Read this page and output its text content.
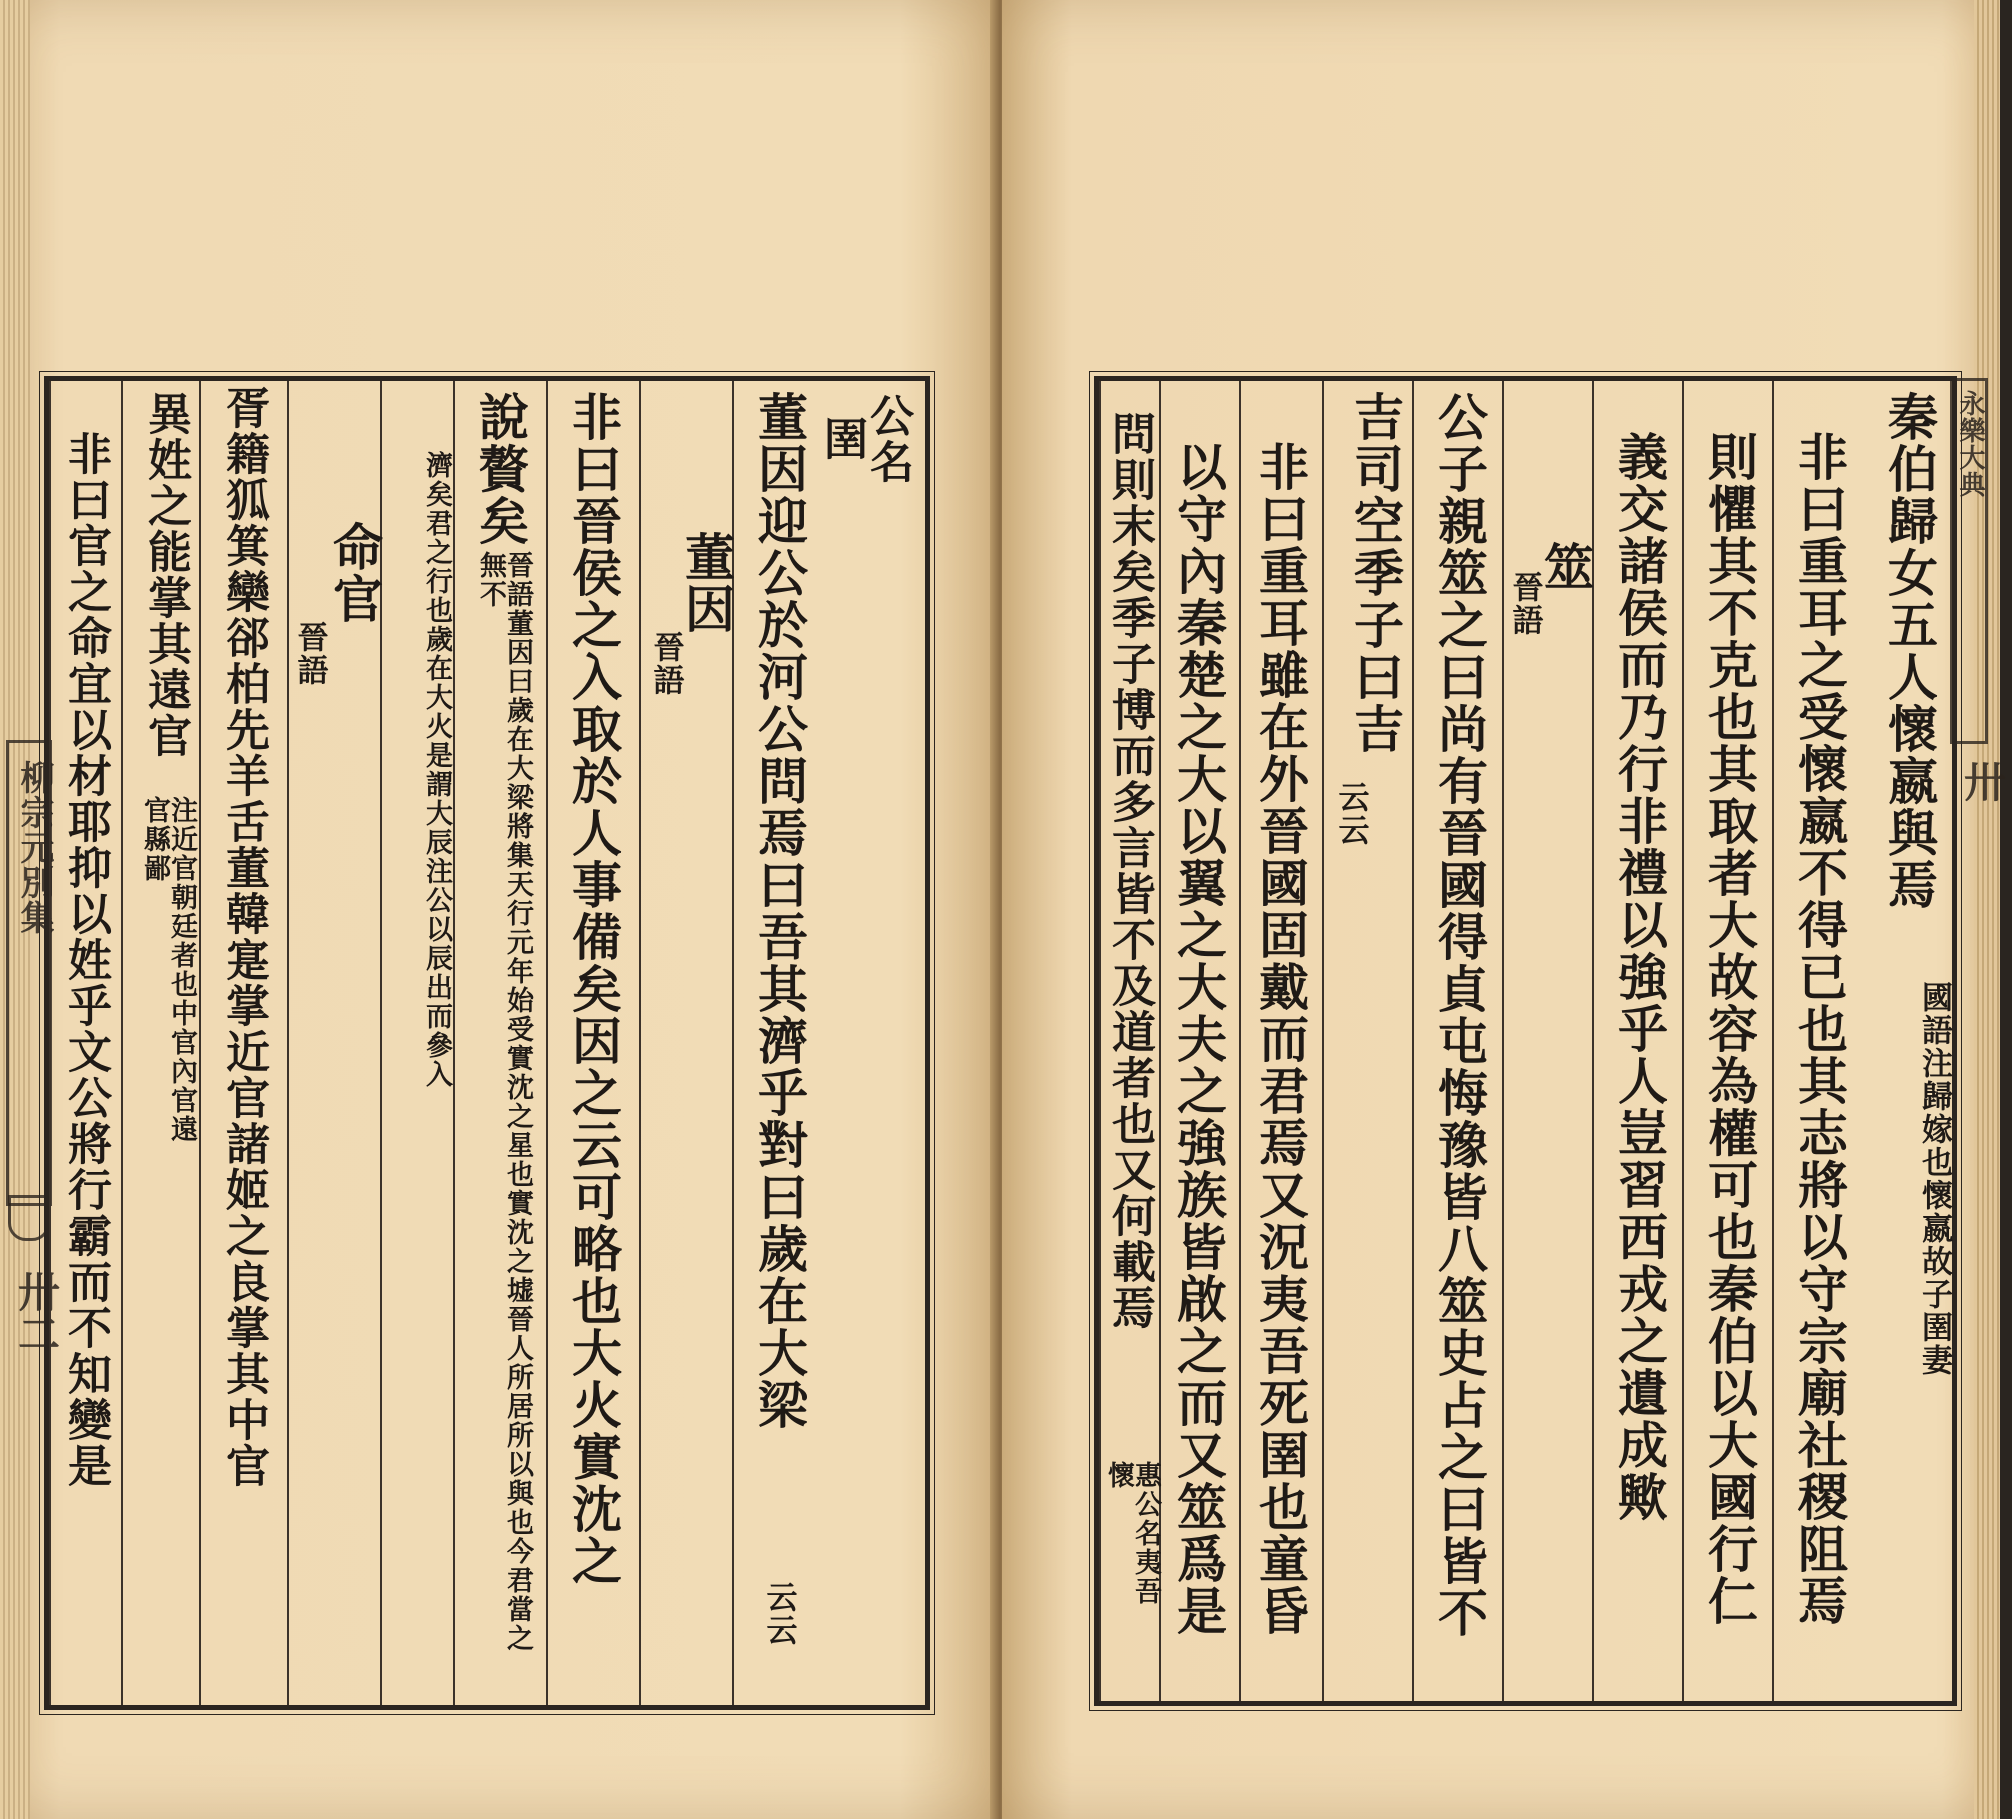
柳宗元別集
卅二
公名
圉
董因迎公於河公問焉曰吾其濟乎對曰歲在大梁
云云
董因
晉語
非曰晉侯之入取於人事備矣因之云可略也大火實沈之
說贅矣
晉語董因曰歲在大梁將集天行元年始受實沈之星也實沈之墟晉人所居所以與也今君當之無不
濟矣君之行也歲在大火是謂大辰注公以辰出而參入
命官
晉語
胥籍狐箕欒郤柏先羊舌董韓寔掌近官諸姬之良掌其中官
異姓之能掌其遠官
注近官朝廷者也中官內官遠官縣鄙
非曰官之命宜以材耶抑以姓乎文公將行霸而不知變是	永樂大典
卅
秦伯歸女五人懷嬴與焉
國語注歸嫁也懷嬴故子圉妻
非曰重耳之受懷嬴不得已也其志將以守宗廟社稷阻焉
則懼其不克也其取者大故容為權可也秦伯以大國行仁
義交諸侯而乃行非禮以強乎人豈習西戎之遺成歟
筮
晉語
公子親筮之曰尚有晉國得貞屯悔豫皆八筮史占之曰皆不
吉司空季子曰吉
云云
非曰重耳雖在外晉國固戴而君焉又況夷吾死圉也童昏
以守內秦楚之大以翼之大夫之強族皆啟之而又筮爲是
問則末矣季子博而多言皆不及道者也又何載焉
惠公名夷吾懷
